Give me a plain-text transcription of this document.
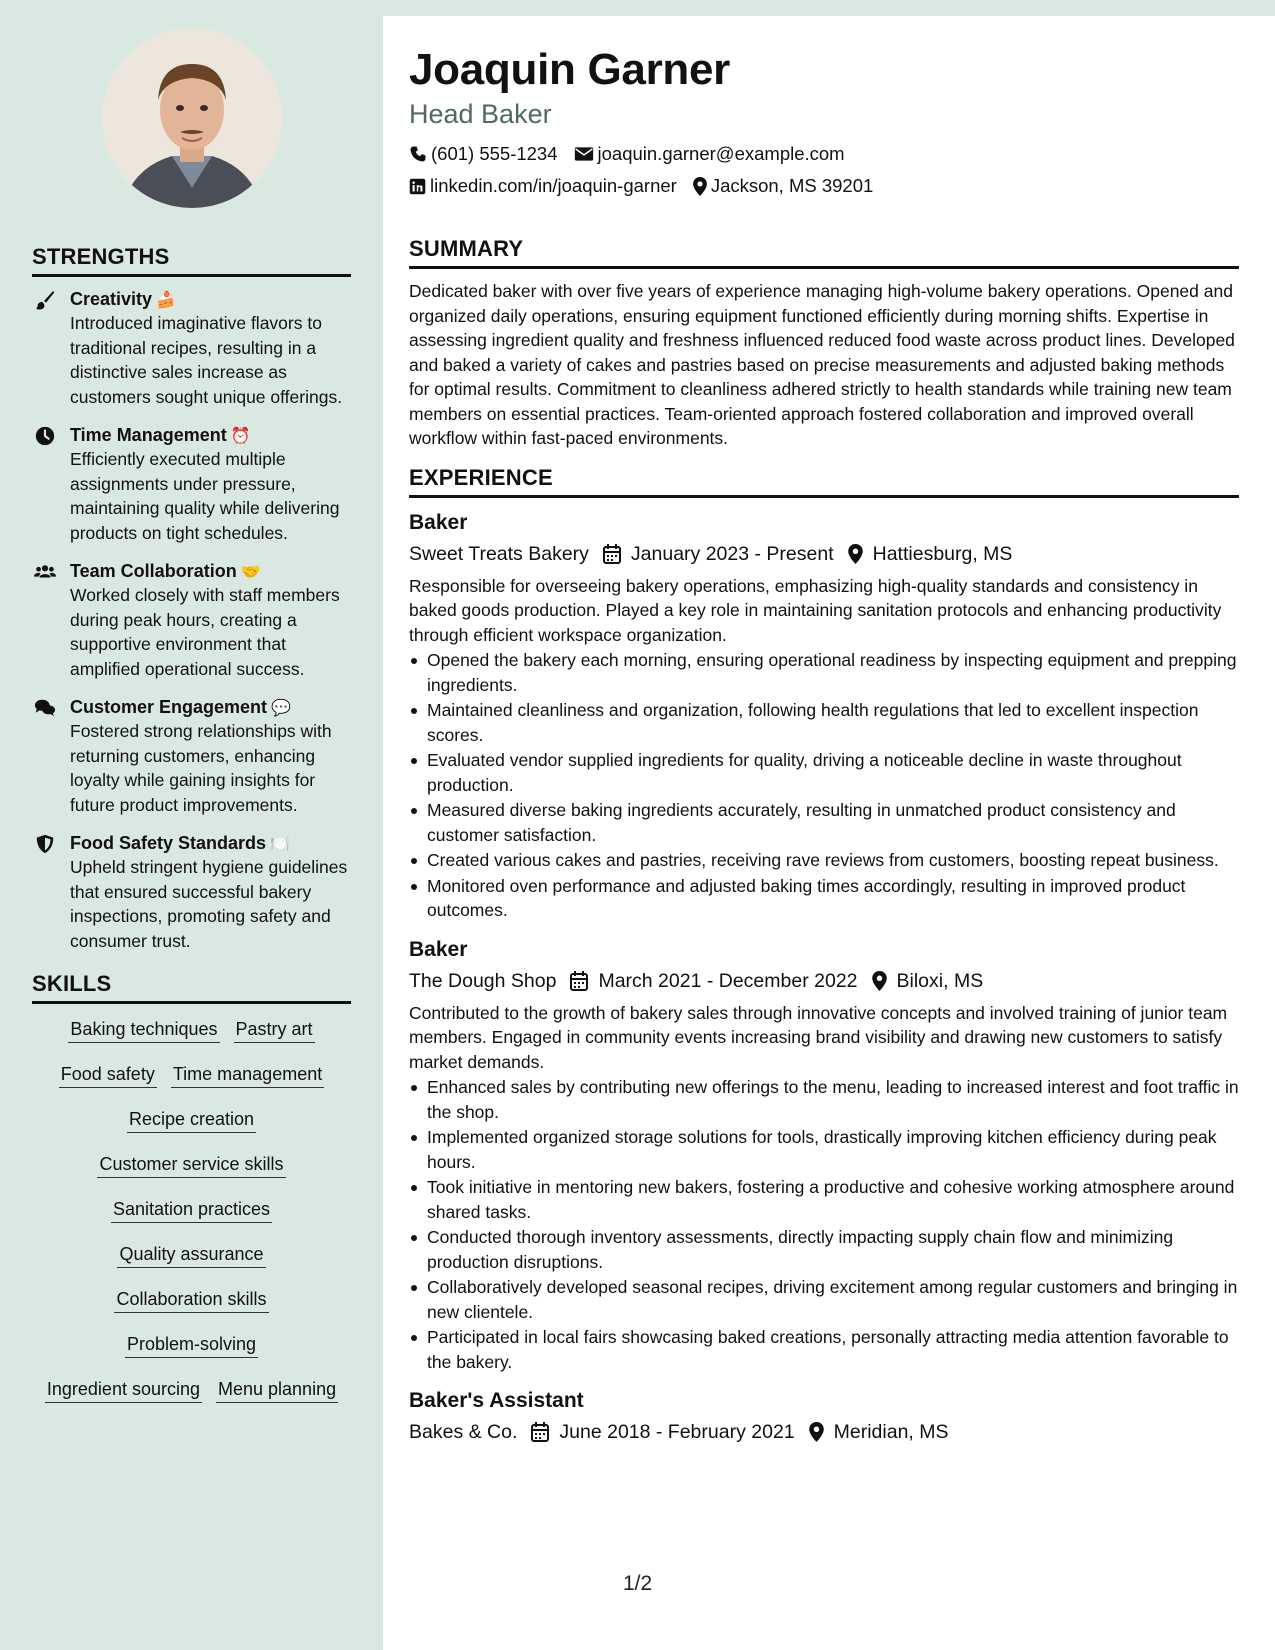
STRENGTHS
Creativity 🍰
Introduced imaginative flavors to traditional recipes, resulting in a distinctive sales increase as customers sought unique offerings.
Time Management ⏰
Efficiently executed multiple assignments under pressure, maintaining quality while delivering products on tight schedules.
Team Collaboration 🤝
Worked closely with staff members during peak hours, creating a supportive environment that amplified operational success.
Customer Engagement 💬
Fostered strong relationships with returning customers, enhancing loyalty while gaining insights for future product improvements.
Food Safety Standards 🍽️
Upheld stringent hygiene guidelines that ensured successful bakery inspections, promoting safety and consumer trust.
SKILLS
Baking techniques Pastry art
Food safety Time management
Recipe creation
Customer service skills
Sanitation practices
Quality assurance
Collaboration skills
Problem-solving
Ingredient sourcing Menu planning
Joaquin Garner
Head Baker
(601) 555-1234 joaquin.garner@example.com
linkedin.com/in/joaquin-garner Jackson, MS 39201
SUMMARY
Dedicated baker with over five years of experience managing high-volume bakery operations. Opened and organized daily operations, ensuring equipment functioned efficiently during morning shifts. Expertise in assessing ingredient quality and freshness influenced reduced food waste across product lines. Developed and baked a variety of cakes and pastries based on precise measurements and adjusted baking methods for optimal results. Commitment to cleanliness adhered strictly to health standards while training new team members on essential practices. Team-oriented approach fostered collaboration and improved overall workflow within fast-paced environments.
EXPERIENCE
Baker
Sweet Treats Bakery January 2023 - Present Hattiesburg, MS
Responsible for overseeing bakery operations, emphasizing high-quality standards and consistency in baked goods production. Played a key role in maintaining sanitation protocols and enhancing productivity through efficient workspace organization.
Opened the bakery each morning, ensuring operational readiness by inspecting equipment and prepping ingredients.
Maintained cleanliness and organization, following health regulations that led to excellent inspection scores.
Evaluated vendor supplied ingredients for quality, driving a noticeable decline in waste throughout production.
Measured diverse baking ingredients accurately, resulting in unmatched product consistency and customer satisfaction.
Created various cakes and pastries, receiving rave reviews from customers, boosting repeat business.
Monitored oven performance and adjusted baking times accordingly, resulting in improved product outcomes.
Baker
The Dough Shop March 2021 - December 2022 Biloxi, MS
Contributed to the growth of bakery sales through innovative concepts and involved training of junior team members. Engaged in community events increasing brand visibility and drawing new customers to satisfy market demands.
Enhanced sales by contributing new offerings to the menu, leading to increased interest and foot traffic in the shop.
Implemented organized storage solutions for tools, drastically improving kitchen efficiency during peak hours.
Took initiative in mentoring new bakers, fostering a productive and cohesive working atmosphere around shared tasks.
Conducted thorough inventory assessments, directly impacting supply chain flow and minimizing production disruptions.
Collaboratively developed seasonal recipes, driving excitement among regular customers and bringing in new clientele.
Participated in local fairs showcasing baked creations, personally attracting media attention favorable to the bakery.
Baker's Assistant
Bakes & Co. June 2018 - February 2021 Meridian, MS
1/2
